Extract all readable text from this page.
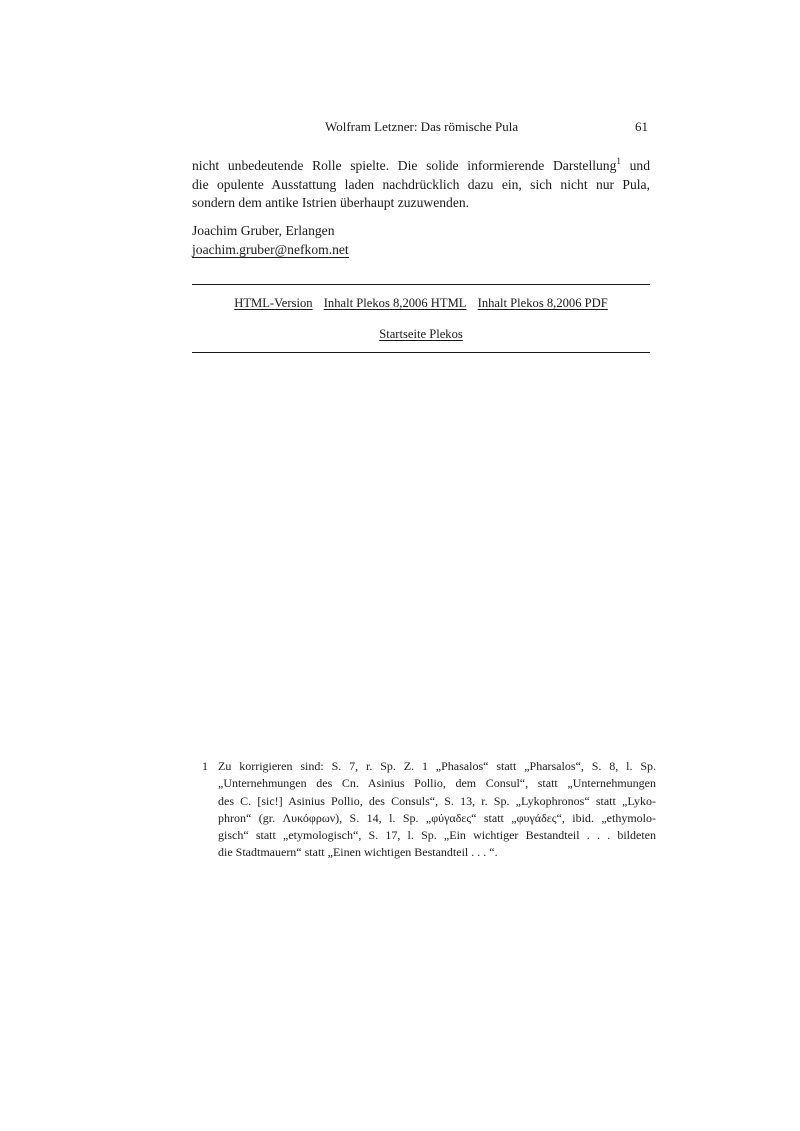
Wolfram Letzner: Das römische Pula	61
nicht unbedeutende Rolle spielte. Die solide informierende Darstellung$^1$ und
die opulente Ausstattung laden nachdrücklich dazu ein, sich nicht nur Pula,
sondern dem antike Istrien überhaupt zuzuwenden.
Joachim Gruber, Erlangen
joachim.gruber@nefkom.net
HTML-Version Inhalt Plekos 8,2006 HTML Inhalt Plekos 8,2006 PDF
Startseite Plekos
1 Zu korrigieren sind: S. 7, r. Sp. Z. 1 „Phasalos“ statt „Pharsalos“, S. 8, l. Sp.
„Unternehmungen des Cn. Asinius Pollio, dem Consul“, statt „Unternehmungen
des C. [sic!] Asinius Pollio, des Consuls“, S. 13, r. Sp. „Lykophronos“ statt „Lyko-
phron“ (gr. Λυκόφρων), S. 14, l. Sp. „φύγαδες“ statt „φυγάδες“, ibid. „ethymolo-
gisch“ statt „etymologisch“, S. 17, l. Sp. „Ein wichtiger Bestandteil . . . bildeten
die Stadtmauern“ statt „Einen wichtigen Bestandteil . . . “.
